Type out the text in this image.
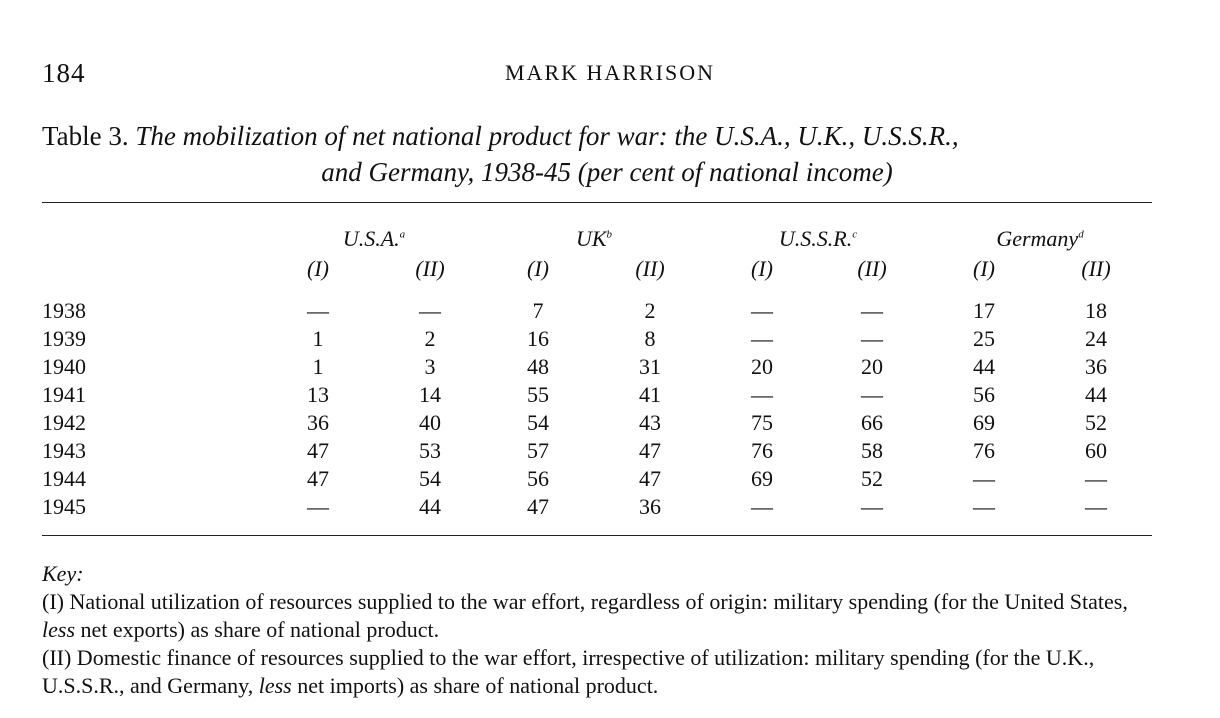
184	MARK HARRISON
Table 3. The mobilization of net national product for war: the U.S.A., U.K., U.S.S.R.,
and Germany, 1938-45 (per cent of national income)
U.S.A.$^a$	$UK^b$	U.S.S.R.$^c$	Germany$^d$
(I)	(II)	(I)	(II)	(I)	(II)	(I)	(II)
1938	—	—	7	2	—	—	17	18
1939	1	2	16	8	—	—	25	24
1940	1	3	48	31	20	20	44	36
1941	13	14	55	41	—	—	56	44
1942	36	40	54	43	75	66	69	52
1943	47	53	57	47	76	58	76	60
1944	47	54	56	47	69	52	—	—
1945	—	44	47	36	—	—	—	—
Key:

(I) National utilization of resources supplied to the war effort, regardless of origin: military spending (for the United States, less net exports) as share of national product.

(II) Domestic finance of resources supplied to the war effort, irrespective of utilization: military spending (for the U.K., U.S.S.R., and Germany, less net imports) as share of national product.
